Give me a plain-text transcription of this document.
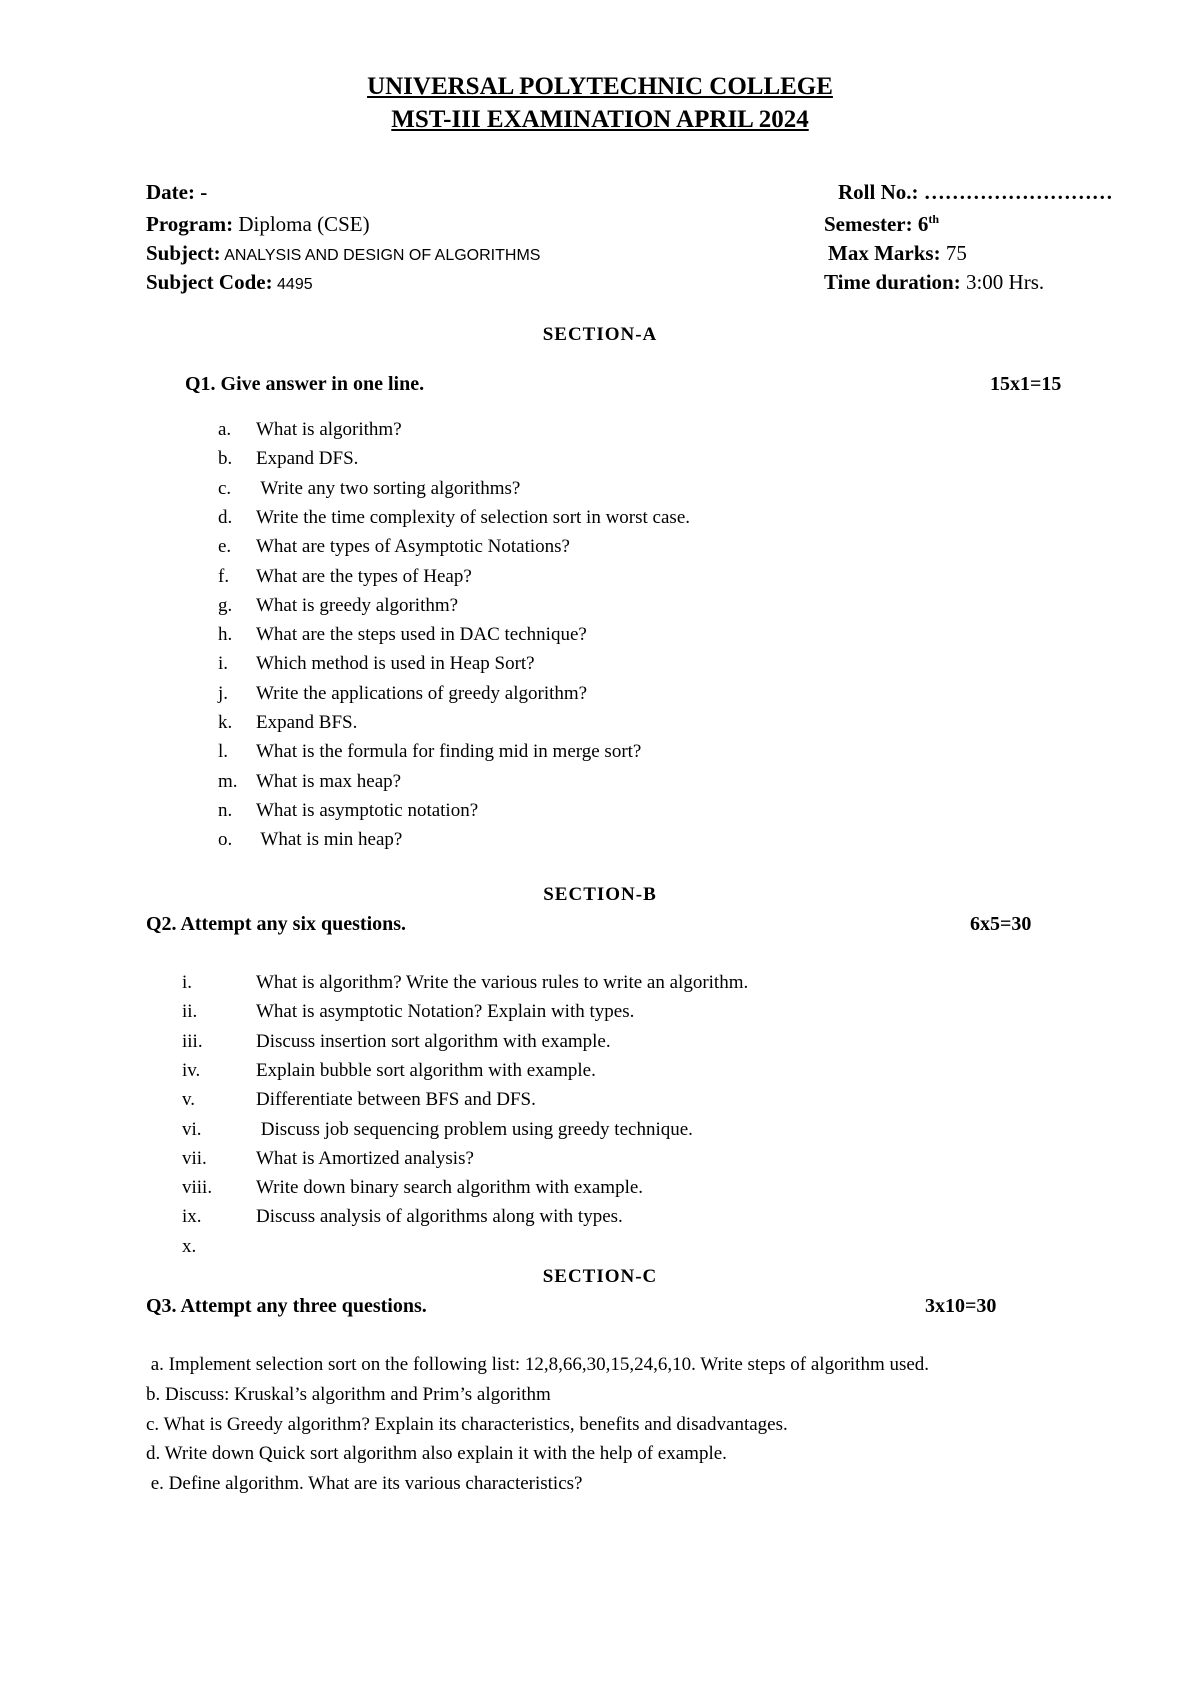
UNIVERSAL POLYTECHNIC COLLEGE
MST-III EXAMINATION APRIL 2024
Date: -	Roll No.: ………………………
Program: Diploma (CSE)	Semester: 6th
Subject: ANALYSIS AND DESIGN OF ALGORITHMS	Max Marks: 75
Subject Code: 4495	Time duration: 3:00 Hrs.
SECTION-A
Q1. Give answer in one line.	15x1=15
a. What is algorithm?
b. Expand DFS.
c. Write any two sorting algorithms?
d. Write the time complexity of selection sort in worst case.
e. What are types of Asymptotic Notations?
f. What are the types of Heap?
g. What is greedy algorithm?
h. What are the steps used in DAC technique?
i. Which method is used in Heap Sort?
j. Write the applications of greedy algorithm?
k. Expand BFS.
l. What is the formula for finding mid in merge sort?
m. What is max heap?
n. What is asymptotic notation?
o. What is min heap?
SECTION-B
Q2. Attempt any six questions.	6x5=30
i.	What is algorithm? Write the various rules to write an algorithm.
ii.	What is asymptotic Notation? Explain with types.
iii.	Discuss insertion sort algorithm with example.
iv.	Explain bubble sort algorithm with example.
v.	Differentiate between BFS and DFS.
vi.	Discuss job sequencing problem using greedy technique.
vii.	What is Amortized analysis?
viii. Write down binary search algorithm with example.
ix.	Discuss analysis of algorithms along with types.
x.
SECTION-C
Q3. Attempt any three questions.	3x10=30
a. Implement selection sort on the following list: 12,8,66,30,15,24,6,10. Write steps of algorithm used.
b. Discuss: Kruskal’s algorithm and Prim’s algorithm
c. What is Greedy algorithm? Explain its characteristics, benefits and disadvantages.
d. Write down Quick sort algorithm also explain it with the help of example.
e. Define algorithm. What are its various characteristics?
